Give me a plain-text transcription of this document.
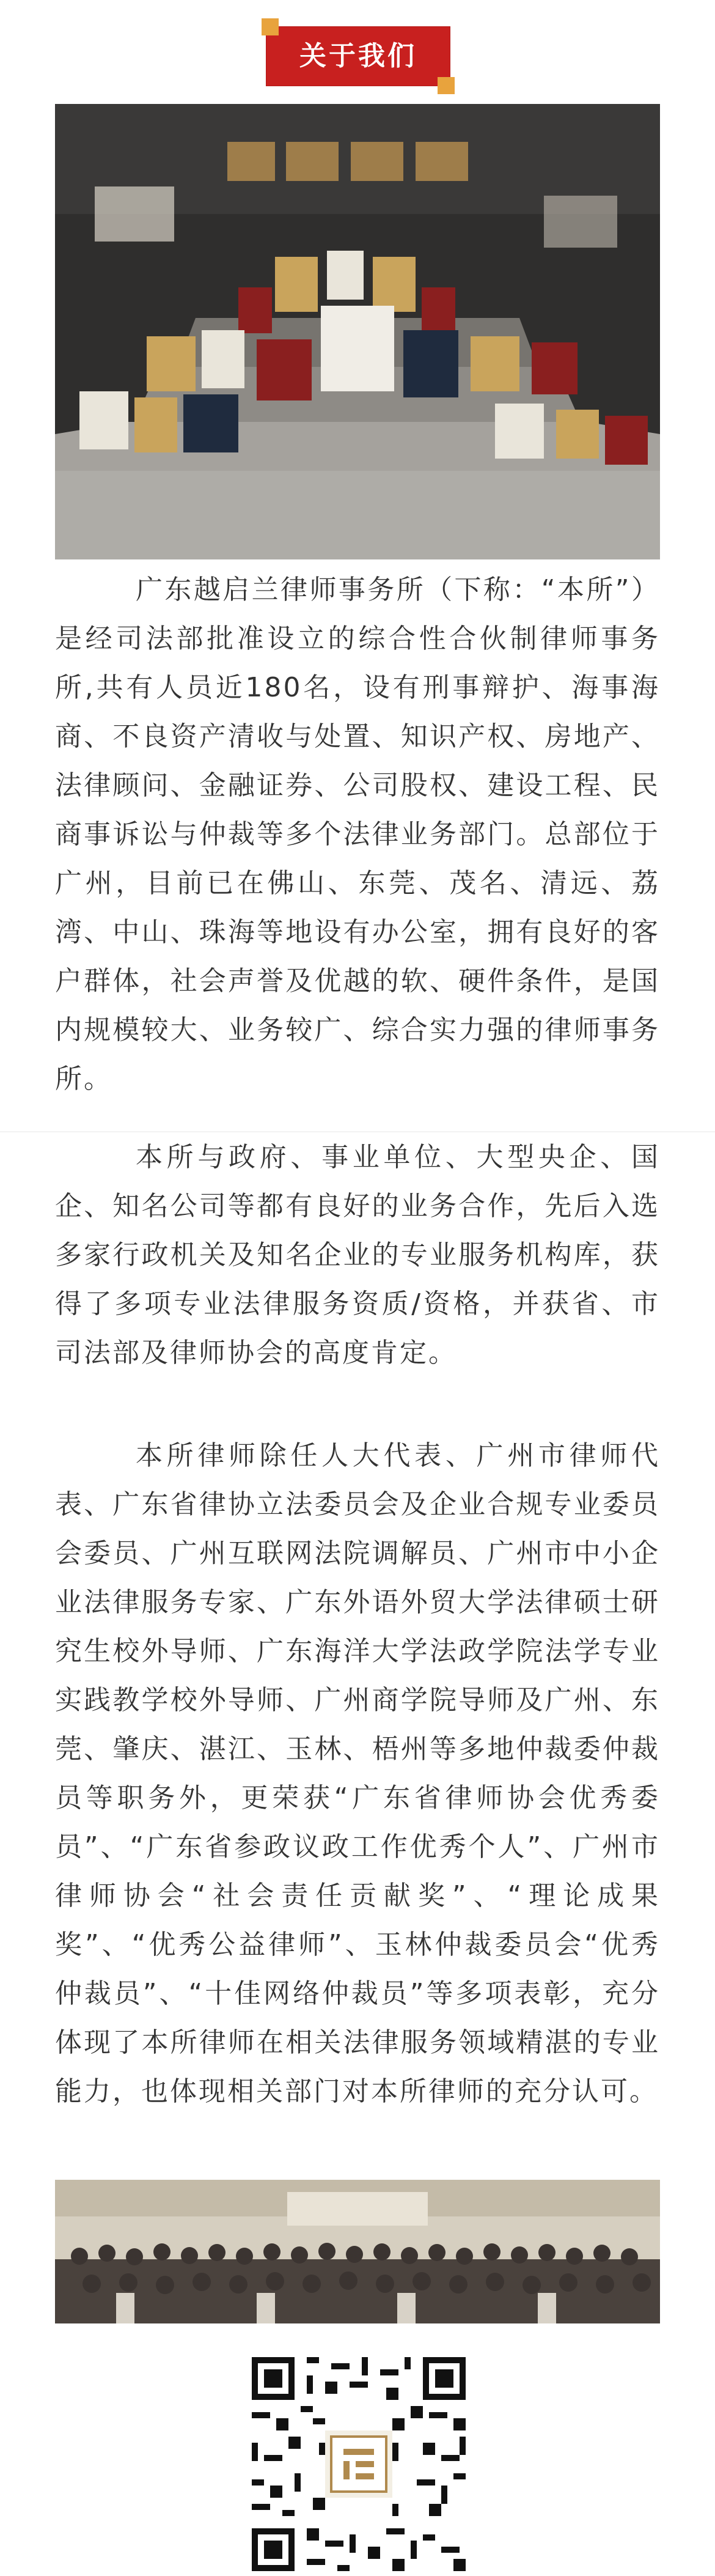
关于我们
广东越启兰律师事务所（下称：“本所”） 是经司法部批准设立的综合性合伙制律师事务所,共有人员近180名，设有刑事辩护、海事海商、不良资产清收与处置、知识产权、房地产、法律顾问、金融证券、公司股权、建设工程、民商事诉讼与仲裁等多个法律业务部门。总部位于广州，目前已在佛山、东莞、茂名、清远、荔湾、中山、珠海等地设有办公室，拥有良好的客户群体，社会声誉及优越的软、硬件条件，是国内规模较大、业务较广、综合实力强的律师事务所。
本所与政府、事业单位、大型央企、国企、知名公司等都有良好的业务合作，先后入选多家行政机关及知名企业的专业服务机构库，获得了多项专业法律服务资质/资格，并获省、市司法部及律师协会的高度肯定。
本所律师除任人大代表、广州市律师代表、广东省律协立法委员会及企业合规专业委员会委员、广州互联网法院调解员、广州市中小企业法律服务专家、广东外语外贸大学法律硕士研究生校外导师、广东海洋大学法政学院法学专业实践教学校外导师、广州商学院导师及广州、东莞、肇庆、湛江、玉林、梧州等多地仲裁委仲裁员等职务外，更荣获“广东省律师协会优秀委员”、“广东省参政议政工作优秀个人”、广州市律师协会“社会责任贡献奖”、“理论成果奖”、“优秀公益律师”、玉林仲裁委员会“优秀仲裁员”、“十佳网络仲裁员”等多项表彰，充分体现了本所律师在相关法律服务领域精湛的专业能力，也体现相关部门对本所律师的充分认可。
